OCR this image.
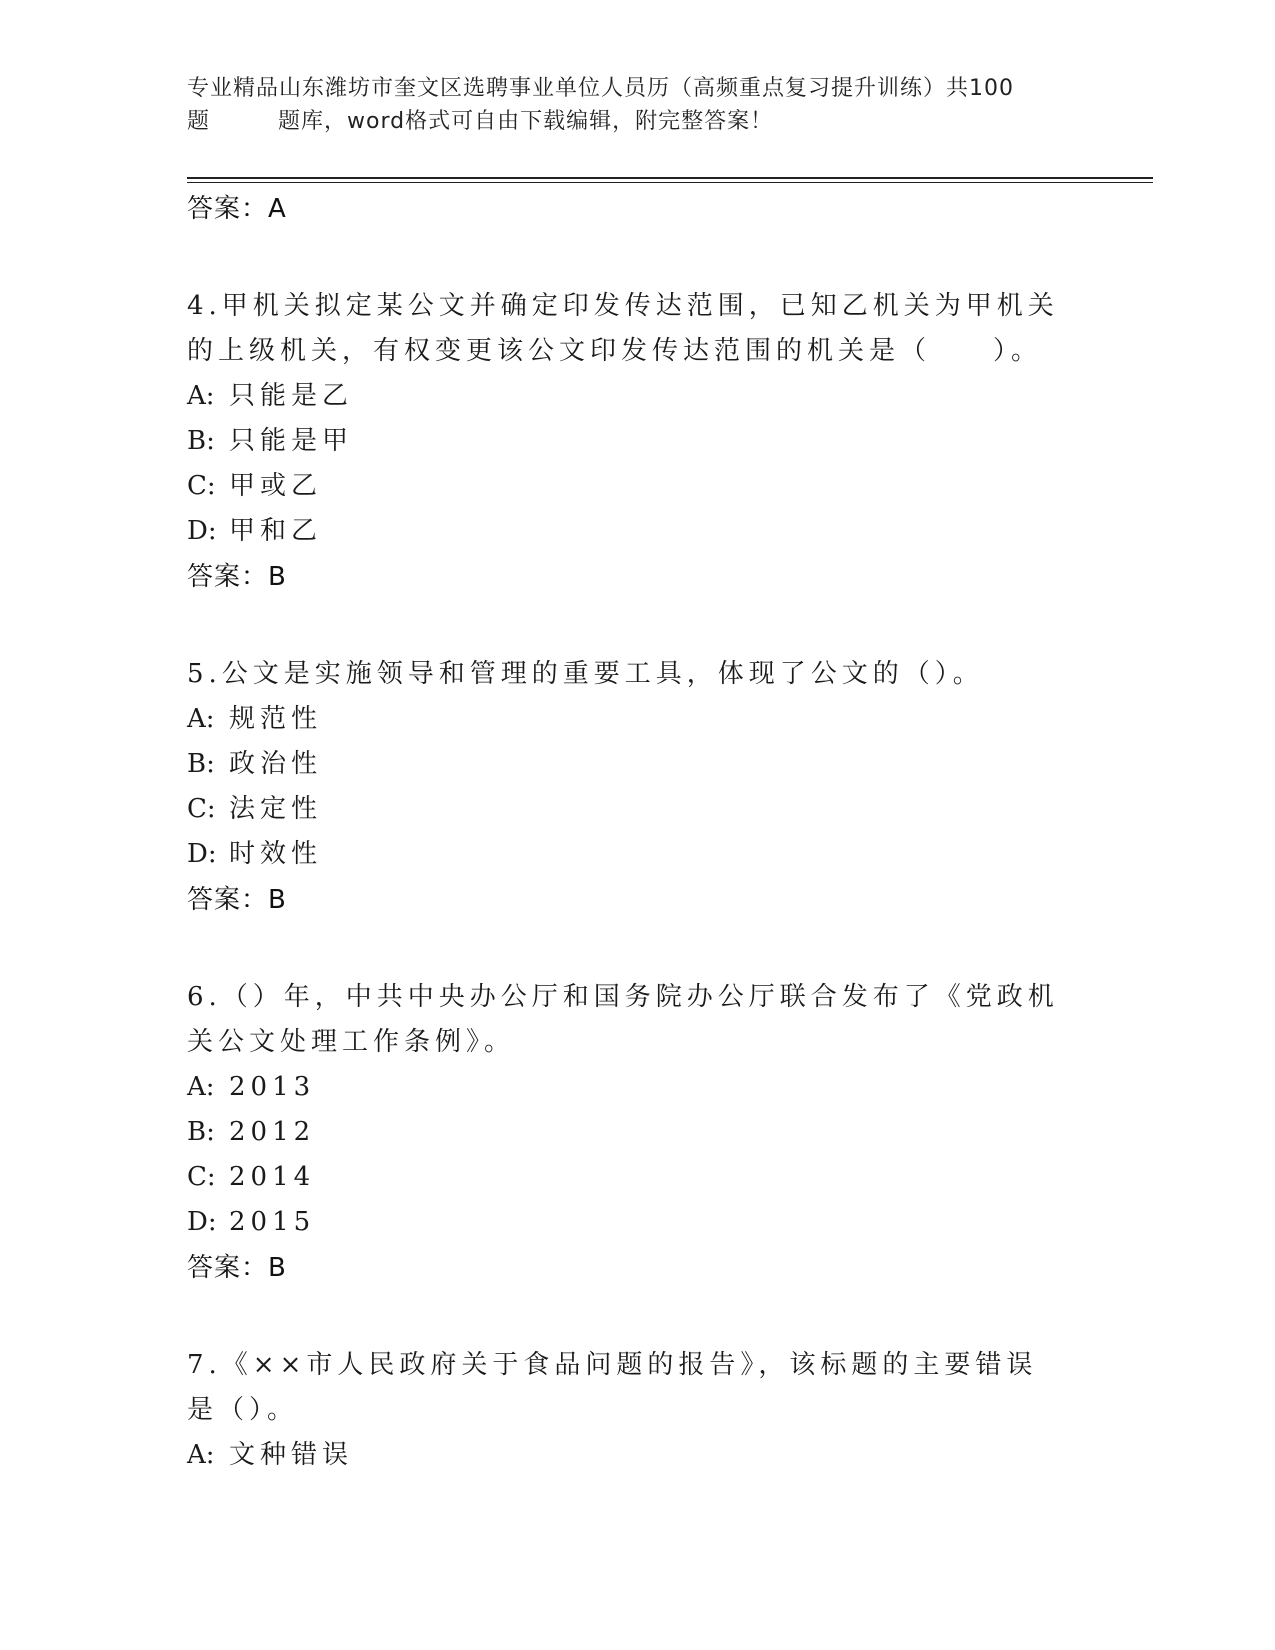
专业精品山东潍坊市奎文区选聘事业单位人员历（高频重点复习提升训练）共100
题	题库，word格式可自由下载编辑，附完整答案！

答案：A

4.甲机关拟定某公文并确定印发传达范围，已知乙机关为甲机关的上级机关，有权变更该公文印发传达范围的机关是（　　）。

A: 只能是乙

B: 只能是甲

C: 甲或乙

D: 甲和乙

答案：B

5.公文是实施领导和管理的重要工具，体现了公文的（）。

A: 规范性

B: 政治性

C: 法定性

D: 时效性

答案：B

6.（）年，中共中央办公厅和国务院办公厅联合发布了《党政机关公文处理工作条例》。

A: 2013

B: 2012

C: 2014

D: 2015

答案：B

7.《××市人民政府关于食品问题的报告》，该标题的主要错误是（）。

A: 文种错误
